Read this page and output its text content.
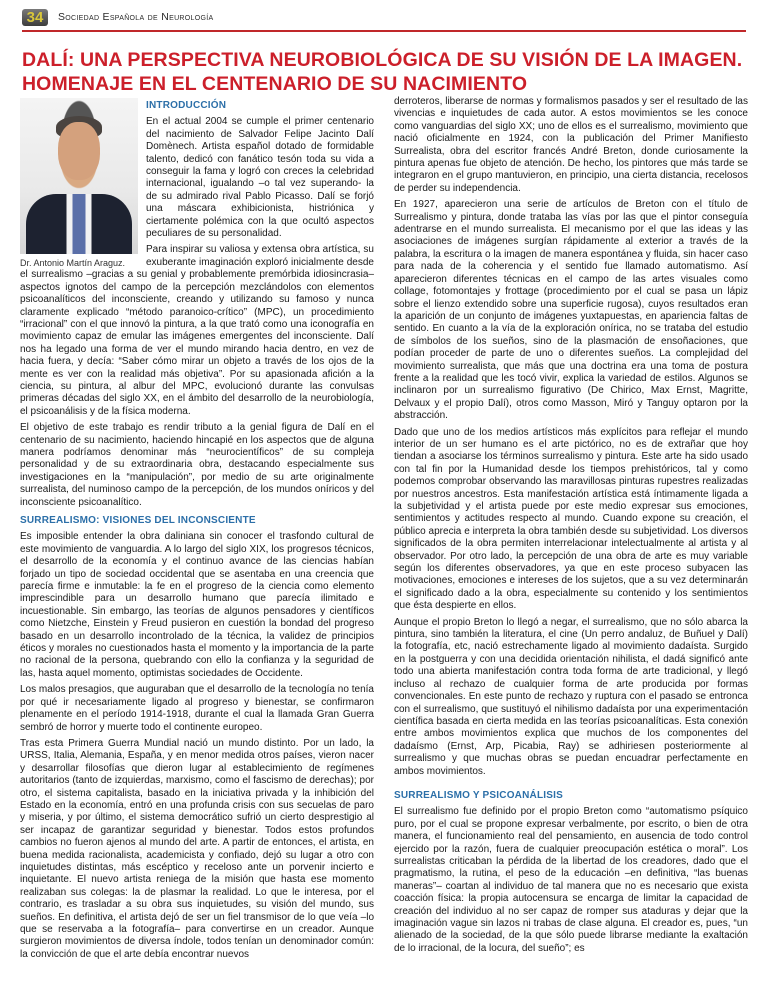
34	Sociedad Española de Neurología
DALÍ: UNA PERSPECTIVA NEUROBIOLÓGICA DE SU VISIÓN DE LA IMAGEN. HOMENAJE EN EL CENTENARIO DE SU NACIMIENTO
INTRODUCCIÓN

En el actual 2004 se cumple el primer centenario del nacimiento de Salvador Felipe Jacinto Dalí Domènech. Artista español dotado de formidable talento, dedicó con fanático tesón toda su vida a conseguir la fama y logró con creces la celebridad internacional, igualando –o tal vez superando- la de su admirado rival Pablo Picasso. Dalí se forjó una máscara exhibicionista, histriónica y ciertamente polémica con la que ocultó aspectos peculiares de su personalidad.

Dr. Antonio Martín Araguz.

Para inspirar su valiosa y extensa obra artística, su exuberante imaginación exploró inicialmente desde el surrealismo –gracias a su genial y probablemente premórbida idiosincrasia– aspectos ignotos del campo de la percepción mezclándolos con elementos psicoanalíticos del inconsciente, creando y utilizando su famoso y nunca claramente explicado “método paranoico-crítico” (MPC), un procedimiento “irracional” con el que innovó la pintura, a la que trató como una iconografía en movimiento capaz de emular las imágenes emergentes del inconsciente. Dalí nos ha legado una forma de ver el mundo mirando hacia dentro, en vez de hacia fuera, y decía: “Saber cómo mirar un objeto a través de los ojos de la mente es ver con la realidad más objetiva”. Por su apasionada afición a la ciencia, su pintura, al albur del MPC, evolucionó durante las convulsas primeras décadas del siglo XX, en el ámbito del desarrollo de la neurobiología, el psicoanálisis y de la física moderna.

El objetivo de este trabajo es rendir tributo a la genial figura de Dalí en el centenario de su nacimiento, haciendo hincapié en los aspectos que de alguna manera podríamos denominar más “neurocientíficos” de su compleja personalidad y de su extraordinaria obra, destacando especialmente sus investigaciones en la “manipulación”, por medio de su arte originalmente surrealista, del numinoso campo de la percepción, de los mundos oníricos y del inconsciente psicoanalítico.

SURREALISMO: VISIONES DEL INCONSCIENTE

Es imposible entender la obra daliniana sin conocer el trasfondo cultural de este movimiento de vanguardia. A lo largo del siglo XIX, los progresos técnicos, el desarrollo de la economía y el continuo avance de las ciencias habían forjado un tipo de sociedad occidental que se asentaba en una creencia que parecía firme e inmutable: la fe en el progreso de la ciencia como elemento imprescindible para un desarrollo humano que parecía ilimitado e incuestionable. Sin embargo, las teorías de algunos pensadores y científicos como Nietzche, Einstein y Freud pusieron en cuestión la bondad del progreso basado en un desarrollo incontrolado de la técnica, la validez de principios éticos y morales no cuestionados hasta el momento y la importancia de la parte no racional de la persona, quebrando con ello la confianza y la seguridad de las, hasta aquel momento, optimistas sociedades de Occidente.

Los malos presagios, que auguraban que el desarrollo de la tecnología no tenía por qué ir necesariamente ligado al progreso y bienestar, se confirmaron plenamente en el período 1914-1918, durante el cual la llamada Gran Guerra sembró de horror y muerte todo el continente europeo.

Tras esta Primera Guerra Mundial nació un mundo distinto. Por un lado, la URSS, Italia, Alemania, España, y en menor medida otros países, vieron nacer y desarrollar filosofías que dieron lugar al establecimiento de regímenes autoritarios (tanto de izquierdas, marxismo, como el fascismo de derechas); por otro, el sistema capitalista, basado en la iniciativa privada y la inhibición del Estado en la economía, entró en una profunda crisis con sus secuelas de paro y miseria, y por último, el sistema democrático sufrió un cierto desprestigio al ser incapaz de garantizar seguridad y bienestar. Todos estos profundos cambios no fueron ajenos al mundo del arte. A partir de entonces, el artista, en buena medida racionalista, academicista y confiado, dejó su lugar a otro con inquietudes distintas, más escéptico y receloso ante un porvenir incierto e inquietante. El nuevo artista reniega de la misión que hasta ese momento realizaban sus colegas: la de plasmar la realidad. Lo que le interesa, por el contrario, es trasladar a su obra sus inquietudes, su visión del mundo, sus sueños. En definitiva, el artista dejó de ser un fiel transmisor de lo que veía –lo que se reservaba a la fotografía– para convertirse en un creador. Aunque surgieron movimientos de diversa índole, todos tenían un denominador común: la convicción de que el arte debía encontrar nuevos

derroteros, liberarse de normas y formalismos pasados y ser el resultado de las vivencias e inquietudes de cada autor. A estos movimientos se les conoce como vanguardias del siglo XX; uno de ellos es el surrealismo, movimiento que nació oficialmente en 1924, con la publicación del Primer Manifiesto Surrealista, obra del escritor francés André Breton, donde curiosamente la pintura apenas fue objeto de atención. De hecho, los pintores que más tarde se integraron en el grupo mantuvieron, en principio, una cierta distancia, recelosos de perder su independencia.

En 1927, aparecieron una serie de artículos de Breton con el título de Surrealismo y pintura, donde trataba las vías por las que el pintor conseguía adentrarse en el mundo surrealista. El mecanismo por el que las ideas y las asociaciones de imágenes surgían rápidamente al exterior a través de la palabra, la escritura o la imagen de manera espontánea y fluida, sin hacer caso para nada de la coherencia y el sentido fue llamado automatismo. Así aparecieron diferentes técnicas en el campo de las artes visuales como collage, fotomontajes y frottage (procedimiento por el cual se pasa un lápiz sobre el lienzo extendido sobre una superficie rugosa), cuyos resultados eran la aparición de un conjunto de imágenes yuxtapuestas, en apariencia faltas de sentido. En cuanto a la vía de la exploración onírica, no se trataba del estudio de símbolos de los sueños, sino de la plasmación de ensoñaciones, que podían proceder de parte de uno o diferentes sueños. La complejidad del movimiento surrealista, que más que una doctrina era una toma de postura frente a la realidad que les tocó vivir, explica la variedad de estilos. Algunos se inclinaron por un surrealismo figurativo (De Chirico, Max Ernst, Magritte, Delvaux y el propio Dalí), otros como Masson, Miró y Tanguy optaron por la abstracción.

Dado que uno de los medios artísticos más explícitos para reflejar el mundo interior de un ser humano es el arte pictórico, no es de extrañar que hoy tiendan a asociarse los términos surrealismo y pintura. Este arte ha sido usado con tal fin por la Humanidad desde los tiempos prehistóricos, tal y como podemos comprobar observando las maravillosas pinturas rupestres realizadas por nuestros ancestros. Esta manifestación artística está íntimamente ligada a la subjetividad y el artista puede por este medio expresar sus emociones, sentimientos y actitudes respecto al mundo. Cuando expone su creación, el público aprecia e interpreta la obra también desde su subjetividad. Los diversos significados de la obra permiten interrelacionar intelectualmente al artista y al observador. Por otro lado, la percepción de una obra de arte es muy variable según los diferentes observadores, ya que en este proceso subyacen las motivaciones, emociones e intereses de los sujetos, que a su vez determinarán el significado dado a la obra, especialmente su contenido y los sentimientos que ésta despierte en ellos.

Aunque el propio Breton lo llegó a negar, el surrealismo, que no sólo abarca la pintura, sino también la literatura, el cine (Un perro andaluz, de Buñuel y Dalí) la fotografía, etc, nació estrechamente ligado al movimiento dadaísta. Surgido en la postguerra y con una decidida orientación nihilista, el dadá significó ante todo una abierta manifestación contra toda forma de arte tradicional, y llegó incluso al rechazo de cualquier forma de arte producida por formas convencionales. En este punto de rechazo y ruptura con el pasado se entronca con el surrealismo, que sustituyó el nihilismo dadaísta por una experimentación científica basada en cierta medida en las teorías psicoanalíticas. Esta conexión entre ambos movimientos explica que muchos de los componentes del dadaísmo (Ernst, Arp, Picabia, Ray) se adhiriesen posteriormente al surrealismo y que muchas obras se puedan encuadrar perfectamente en ambos movimientos.

SURREALISMO Y PSICOANÁLISIS

El surrealismo fue definido por el propio Breton como “automatismo psíquico puro, por el cual se propone expresar verbalmente, por escrito, o bien de otra manera, el funcionamiento real del pensamiento, en ausencia de todo control ejercido por la razón, fuera de cualquier preocupación estética o moral”. Los surrealistas criticaban la pérdida de la libertad de los creadores, dado que el pragmatismo, la rutina, el peso de la educación –en definitiva, “las buenas maneras”– coartan al individuo de tal manera que no es necesario que exista coacción física: la propia autocensura se encarga de limitar la capacidad de creación del individuo al no ser capaz de romper sus ataduras y dejar que la imaginación vague sin lazos ni trabas de clase alguna. El creador es, pues, “un alienado de la sociedad, de la que sólo puede librarse mediante la exaltación de lo irracional, de la locura, del sueño”; es
